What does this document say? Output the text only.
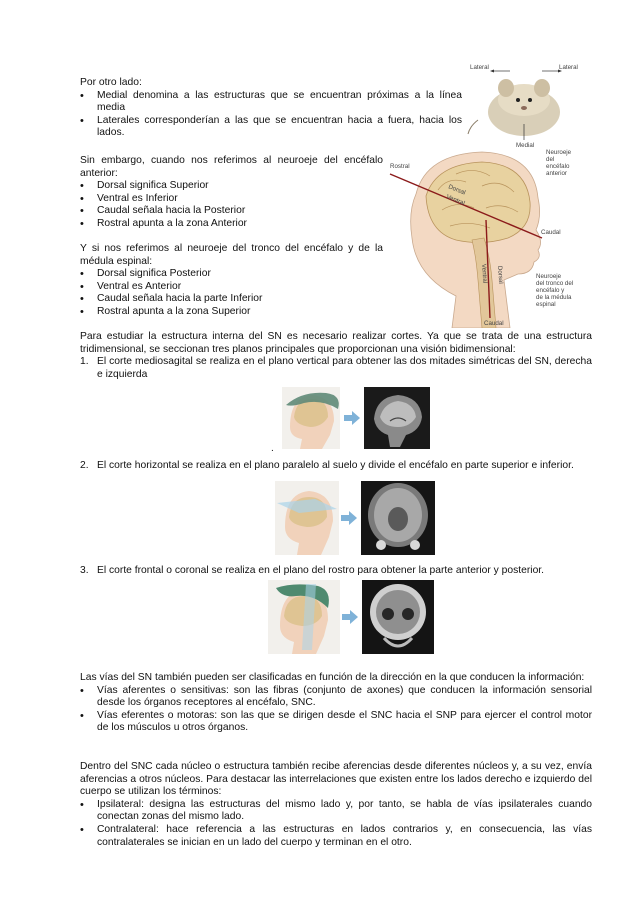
Por otro lado:

• Medial denomina a las estructuras que se encuentran próximas a la línea media
• Laterales corresponderían a las que se encuentran hacia a fuera, hacia los lados.
Lateral	Lateral
Medial

Sin embargo, cuando nos referimos al neuroeje del encéfalo anterior:

• Dorsal significa Superior
• Ventral es Inferior
• Caudal señala hacia la Posterior
• Rostral apunta a la zona Anterior

Y si nos referimos al neuroeje del tronco del encéfalo y de la médula espinal:

• Dorsal significa Posterior
• Ventral es Anterior
• Caudal señala hacia la parte Inferior
• Rostral apunta a la zona Superior
Neuroeje del encéfalo anterior
Rostral
Dorsal
Ventral
Caudal
Dorsal
Ventral	Neuroeje del tronco del encéfalo y de la médula espinal
Caudal

Para estudiar la estructura interna del SN es necesario realizar cortes. Ya que se trata de una estructura tridimensional, se seccionan tres planos principales que proporcionan una visión bidimensional:

1. El corte mediosagital se realiza en el plano vertical para obtener las dos mitades simétricas del SN, derecha e izquierda
.
2. El corte horizontal se realiza en el plano paralelo al suelo y divide el encéfalo en parte superior e inferior.
3. El corte frontal o coronal se realiza en el plano del rostro para obtener la parte anterior y posterior.

Las vías del SN también pueden ser clasificadas en función de la dirección en la que conducen la información:

• Vías aferentes o sensitivas: son las fibras (conjunto de axones) que conducen la información sensorial desde los órganos receptores al encéfalo, SNC.
• Vías eferentes o motoras: son las que se dirigen desde el SNC hacia el SNP para ejercer el control motor de los músculos u otros órganos.

Dentro del SNC cada núcleo o estructura también recibe aferencias desde diferentes núcleos y, a su vez, envía aferencias a otros núcleos. Para destacar las interrelaciones que existen entre los lados derecho e izquierdo del cuerpo se utilizan los términos:

• Ipsilateral: designa las estructuras del mismo lado y, por tanto, se habla de vías ipsilaterales cuando conectan zonas del mismo lado.
• Contralateral: hace referencia a las estructuras en lados contrarios y, en consecuencia, las vías contralaterales se inician en un lado del cuerpo y terminan en el otro.
